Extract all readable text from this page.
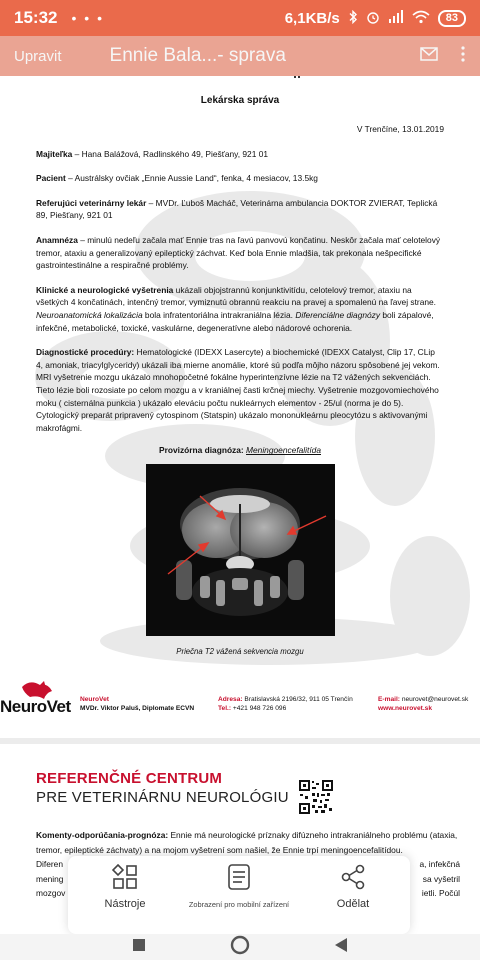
15:32 • • •	6,1KB/s	83
Upravit	Ennie Bala...- sprava
Lekárska správa
V Trenčíne, 13.01.2019

Majiteľka – Hana Balážová, Radlinského 49, Piešťany, 921 01

Pacient – Austrálsky ovčiak „Ennie Aussie Land“, fenka, 4 mesiacov, 13.5kg

Referujúci veterinárny lekár – MVDr. Ľuboš Macháč, Veterinárna ambulancia DOKTOR ZVIERAT, Teplická 89, Piešťany, 921 01

Anamnéza – minulú nedeľu začala mať Ennie tras na ľavú panvovú končatinu. Neskôr začala mať celotelový tremor, ataxiu a generalizovaný epileptický záchvat. Keď bola Ennie mladšia, tak prekonala nešpecifické gastrointestinálne a respiračné problémy.

Klinické a neurologické vyšetrenia ukázali objojstrannú konjunktivitídu, celotelový tremor, ataxiu na všetkých 4 končatinách, intenčný tremor, vymiznutú obrannú reakciu na pravej a spomalenú na ľavej strane. Neuroanatomická lokalizácia bola infratentoriálna intrakraniálna lézia. Diferenciálne diagnózy boli zápalové, infekčné, metabolické, toxické, vaskulárne, degeneratívne alebo nádorové ochorenia.

Diagnostické procedúry: Hematologické (IDEXX Lasercyte) a biochemické (IDEXX Catalyst, Clip 17, CLip 4, amoniak, triacylglyceridy) ukázali iba mierne anomálie, ktoré sú podľa môjho názoru spôsobené jej vekom. MRI vyšetrenie mozgu ukázalo mnohopočetné fokálne hyperintenzívne lézie na T2 vážených sekvenciách. Tieto lézie boli rozosiate po celom mozgu a v kraniálnej časti krčnej miechy. Vyšetrenie mozgovomiechového moku ( cisternálna punkcia ) ukázalo eleváciu počtu nukleárnych elementov - 25/ul (norma je do 5). Cytologický preparát pripravený cytospinom (Statspin) ukázalo mononukleárnu pleocytózu s aktivovanými makrofágmi.

Provizórna diagnóza: Meningoencefalitída

Priečna T2 vážená sekvencia mozgu
NeuroVet NeuroVet
MVDr. Viktor Paluš, Diplomate ECVN
Adresa: Bratislavská 2196/32, 911 05 Trenčín
Tel.: +421 948 726 096
E-mail: neurovet@neurovet.sk
www.neurovet.sk
REFERENČNÉ CENTRUM
PRE VETERINÁRNU NEUROLÓGIU

Komenty-odporúčania-prognóza: Ennie má neurologické príznaky difúzneho intrakraniálneho problému (ataxia, tremor, epileptické záchvaty) a na mojom vyšetrení som našiel, že Ennie trpí meningoencefalitídou.

Diferen	a, infekčná
mening	sa vyšetril
mozgov	ietli. Počúl
Nástroje	Zobrazení pro mobilní zařízení	Odělat
